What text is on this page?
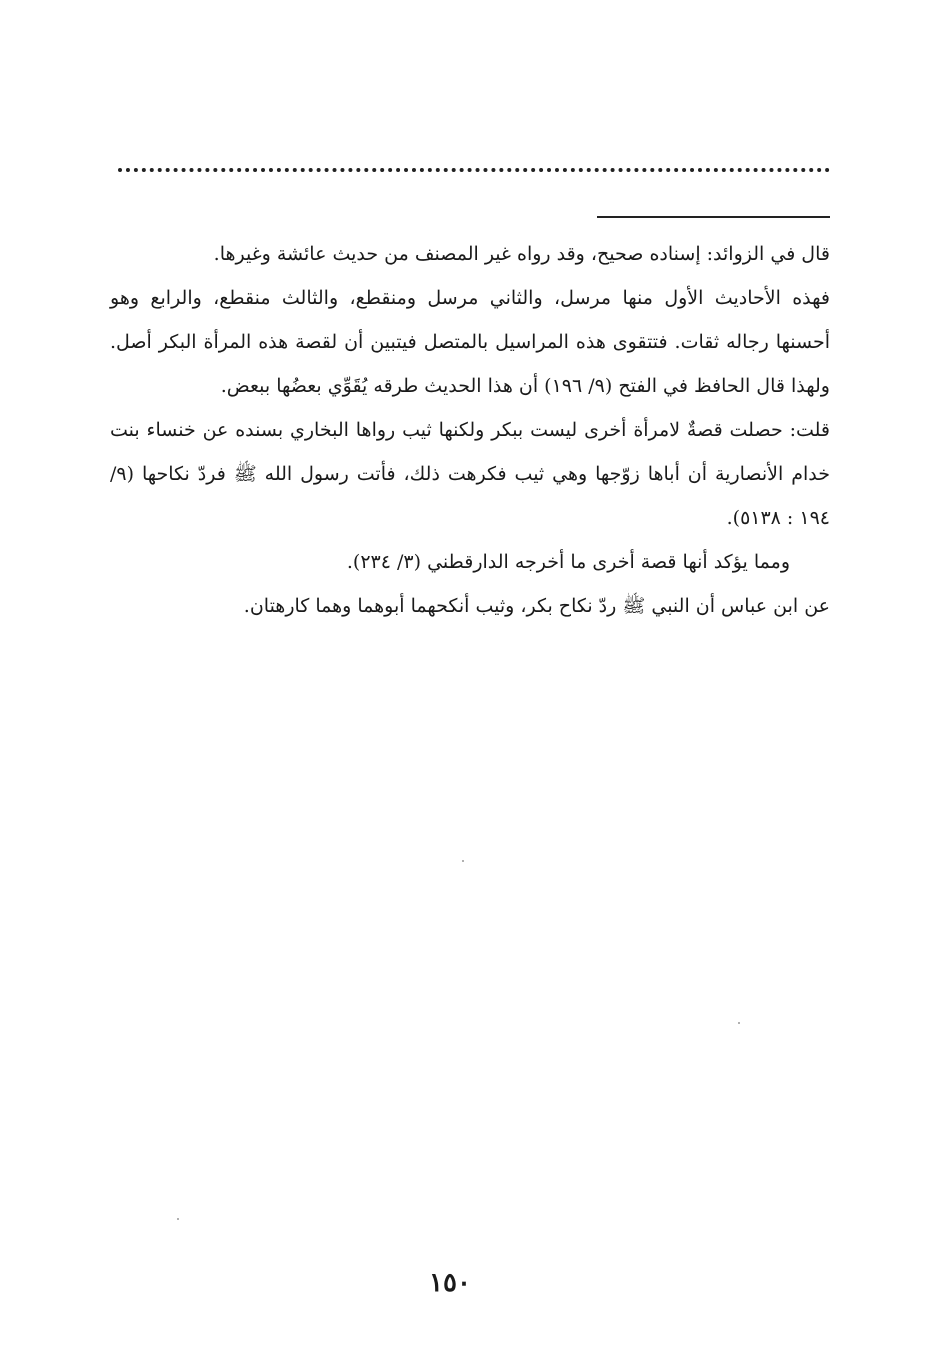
قال في الزوائد: إسناده صحيح، وقد رواه غير المصنف من حديث عائشة وغيرها.

فهذه الأحاديث الأول منها مرسل، والثاني مرسل ومنقطع، والثالث منقطع، والرابع وهو أحسنها رجاله ثقات. فتتقوى هذه المراسيل بالمتصل فيتبين أن لقصة هذه المرأة البكر أصل. ولهذا قال الحافظ في الفتح (٩/ ١٩٦) أن هذا الحديث طرقه يُقَوِّي بعضُها ببعض.

قلت: حصلت قصةٌ لامرأة أخرى ليست ببكر ولكنها ثيب رواها البخاري بسنده عن خنساء بنت خدام الأنصارية أن أباها زوّجها وهي ثيب فكرهت ذلك، فأتت رسول الله ﷺ فردّ نكاحها (٩/ ١٩٤ : ٥١٣٨).

ومما يؤكد أنها قصة أخرى ما أخرجه الدارقطني (٣/ ٢٣٤).

عن ابن عباس أن النبي ﷺ ردّ نكاح بكر، وثيب أنكحهما أبوهما وهما كارهتان.

١٥٠
